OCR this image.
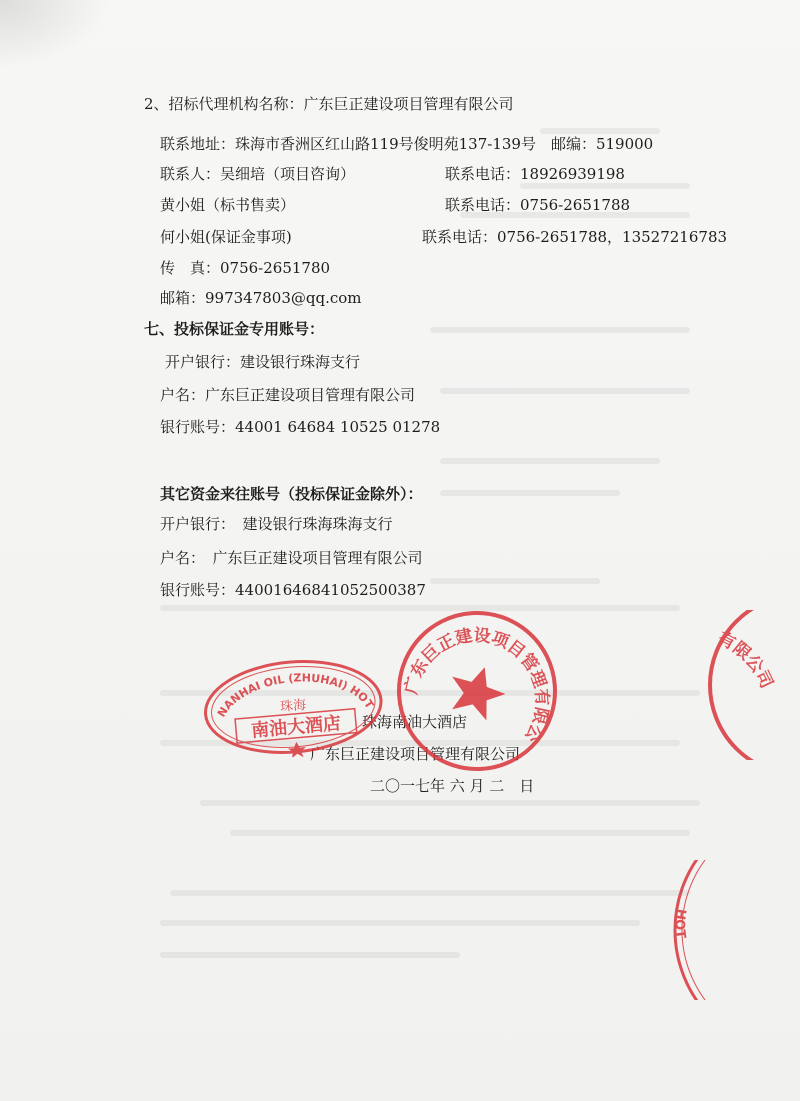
2、招标代理机构名称：广东巨正建设项目管理有限公司
联系地址：珠海市香洲区红山路119号俊明苑137-139号　邮编：519000
联系人：吴细培（项目咨询）	联系电话：18926939198
黄小姐（标书售卖）	联系电话：0756-2651788
何小姐(保证金事项)	联系电话：0756-2651788，13527216783
传　真：0756-2651780
邮箱：997347803@qq.com
七、投标保证金专用账号：
开户银行：建设银行珠海支行
户名：广东巨正建设项目管理有限公司
银行账号：44001 64684 10525 01278
其它资金来往账号（投标保证金除外）：
开户银行：　建设银行珠海珠海支行
户名：　广东巨正建设项目管理有限公司
银行账号：44001646841052500387
珠海南油大酒店
广东巨正建设项目管理有限公司
二〇一七年 六 月 二　日
NANHAI OIL (ZHUHAI) HOTEL
珠海
南油大酒店
广东巨正建设项目管理有限公司
有限公司
HOT
